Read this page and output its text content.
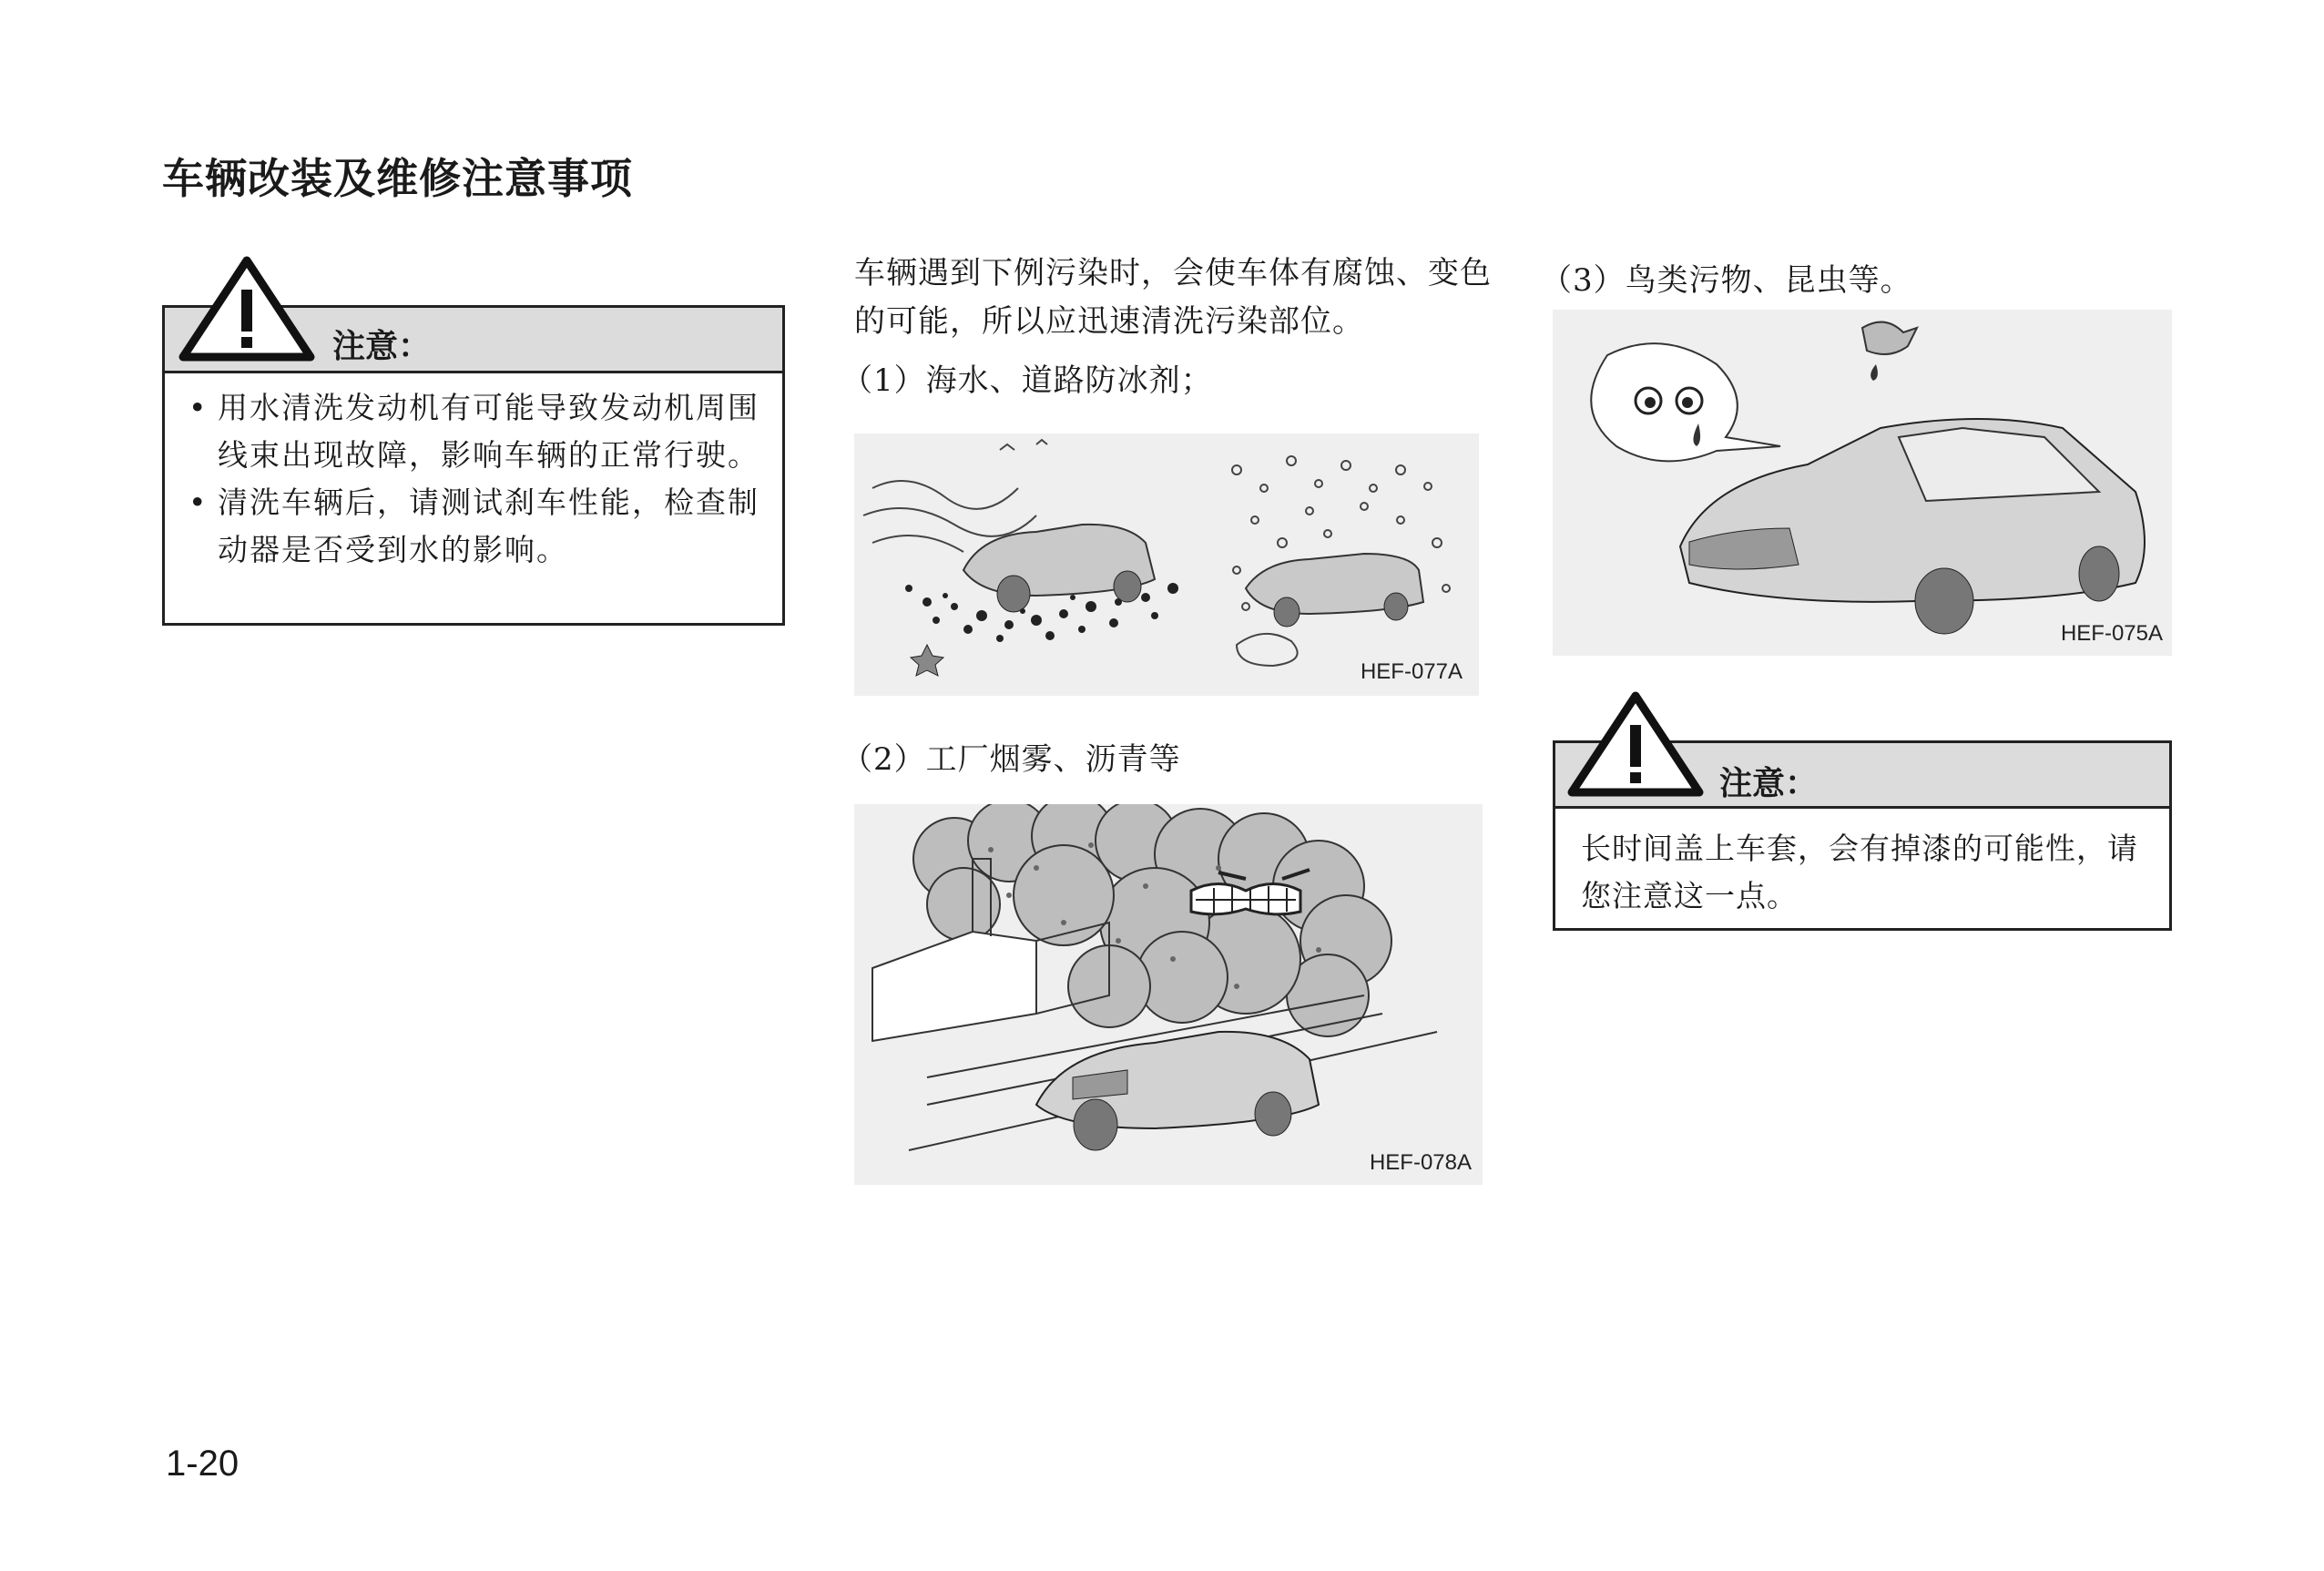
车辆改装及维修注意事项
注意：
• 用水清洗发动机有可能导致发动机周围线束出现故障，影响车辆的正常行驶。
• 清洗车辆后，请测试刹车性能，检查制动器是否受到水的影响。

车辆遇到下例污染时，会使车体有腐蚀、变色的可能，所以应迅速清洗污染部位。

（1）海水、道路防冰剂；

HEF-077A

（2）工厂烟雾、沥青等

HEF-078A

（3）鸟类污物、昆虫等。

HEF-075A
注意：

长时间盖上车套，会有掉漆的可能性，请您注意这一点。

1-20
